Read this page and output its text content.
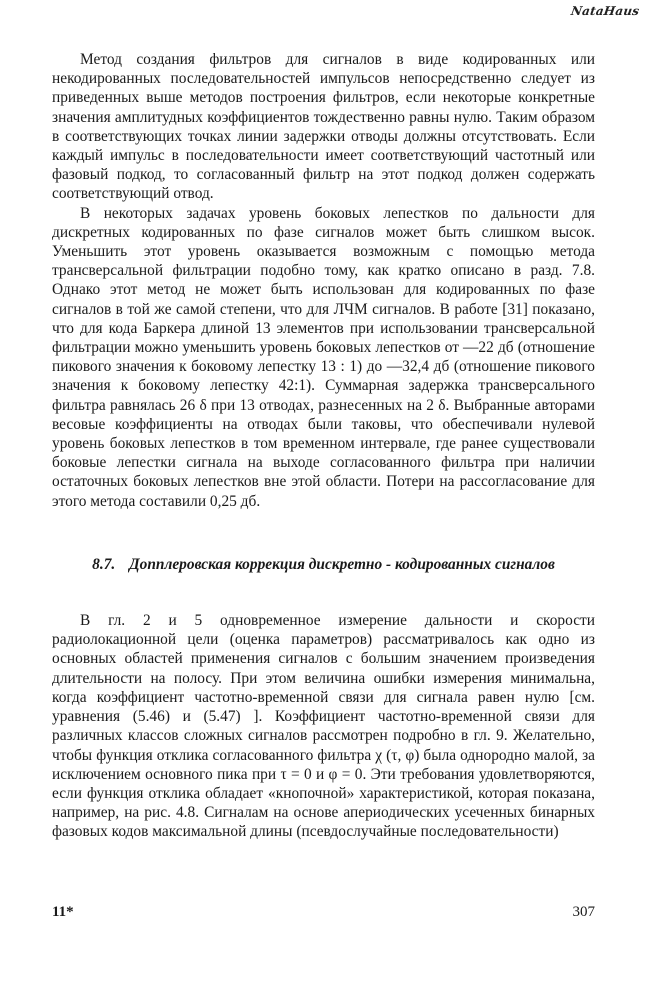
NataHaus

Метод создания фильтров для сигналов в виде кодированных или некодированных последовательностей импульсов непосредственно следует из приведенных выше методов построения фильтров, если некоторые конкретные значения амплитудных коэффициентов тождественно равны нулю. Таким образом в соответствующих точках линии задержки отводы должны отсутствовать. Если каждый импульс в последовательности имеет соответствующий частотный или фазовый подкод, то согласованный фильтр на этот подкод должен содержать соответствующий отвод.

В некоторых задачах уровень боковых лепестков по дальности для дискретных кодированных по фазе сигналов может быть слишком высок. Уменьшить этот уровень оказывается возможным с помощью метода трансверсальной фильтрации подобно тому, как кратко описано в разд. 7.8. Однако этот метод не может быть использован для кодированных по фазе сигналов в той же самой степени, что для ЛЧМ сигналов. В работе [31] показано, что для кода Баркера длиной 13 элементов при использовании трансверсальной фильтрации можно уменьшить уровень боковых лепестков от —22 дб (отношение пикового значения к боковому лепестку 13 : 1) до —32,4 дб (отношение пикового значения к боковому лепестку 42:1). Суммарная задержка трансверсального фильтра равнялась 26 δ при 13 отводах, разнесенных на 2 δ. Выбранные авторами весовые коэффициенты на отводах были таковы, что обеспечивали нулевой уровень боковых лепестков в том временном интервале, где ранее существовали боковые лепестки сигнала на выходе согласованного фильтра при наличии остаточных боковых лепестков вне этой области. Потери на рассогласование для этого метода составили 0,25 дб.

8.7. Допплеровская коррекция дискретно - кодированных сигналов

В гл. 2 и 5 одновременное измерение дальности и скорости радиолокационной цели (оценка параметров) рассматривалось как одно из основных областей применения сигналов с большим значением произведения длительности на полосу. При этом величина ошибки измерения минимальна, когда коэффициент частотно-временной связи для сигнала равен нулю [см. уравнения (5.46) и (5.47) ]. Коэффициент частотно-временной связи для различных классов сложных сигналов рассмотрен подробно в гл. 9. Желательно, чтобы функция отклика согласованного фильтра χ (τ, φ) была однородно малой, за исключением основного пика при τ = 0 и φ = 0. Эти требования удовлетворяются, если функция отклика обладает «кнопочной» характеристикой, которая показана, например, на рис. 4.8. Сигналам на основе апериодических усеченных бинарных фазовых кодов максимальной длины (псевдослучайные последовательности)

11*	307
